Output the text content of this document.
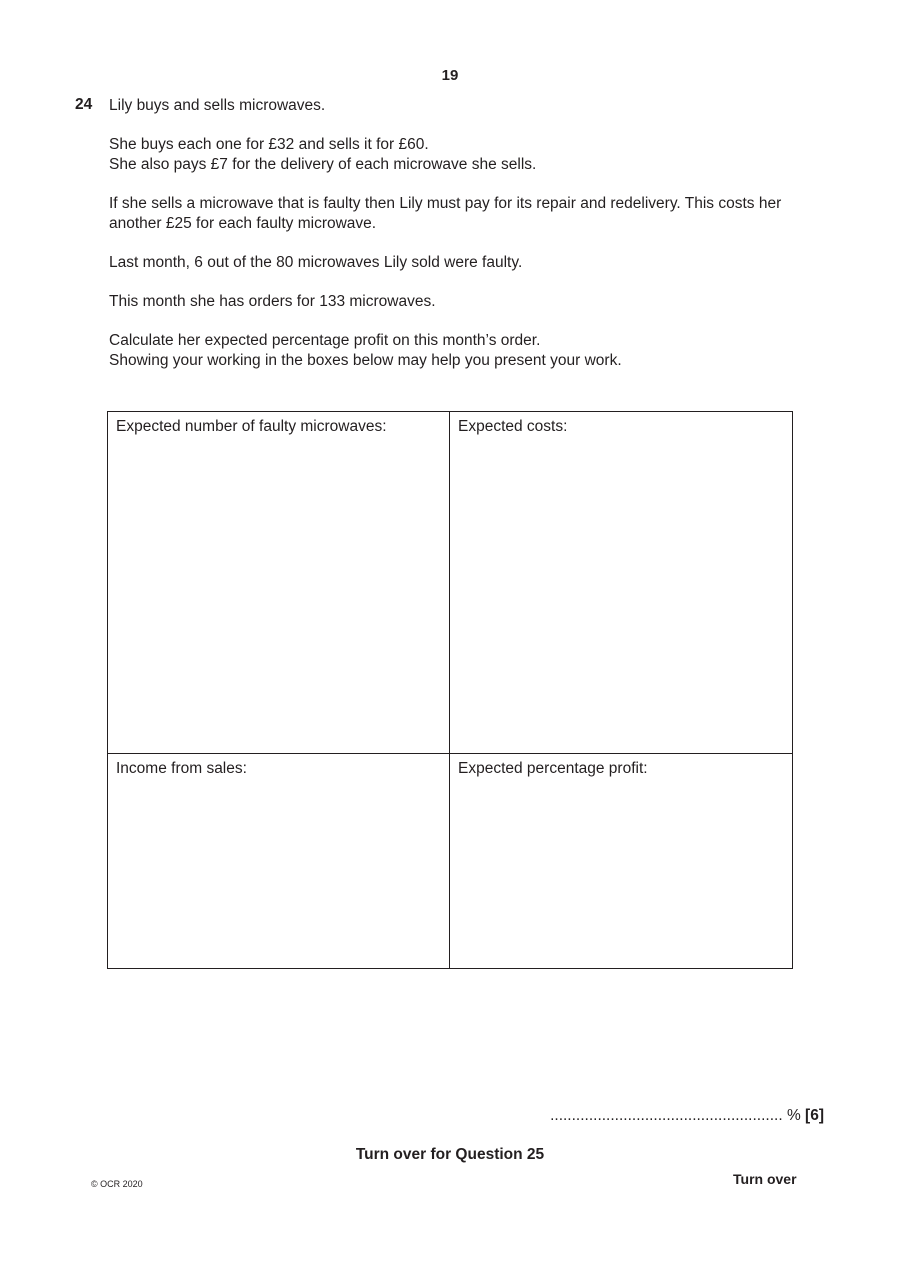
19
24 Lily buys and sells microwaves.

She buys each one for £32 and sells it for £60.
She also pays £7 for the delivery of each microwave she sells.

If she sells a microwave that is faulty then Lily must pay for its repair and redelivery. This costs her
another £25 for each faulty microwave.

Last month, 6 out of the 80 microwaves Lily sold were faulty.

This month she has orders for 133 microwaves.

Calculate her expected percentage profit on this month’s order.
Showing your working in the boxes below may help you present your work.

Expected number of faulty microwaves:	Expected costs:
Income from sales:	Expected percentage profit:
...................................................... % [6]
Turn over for Question 25
© OCR 2020	Turn over
